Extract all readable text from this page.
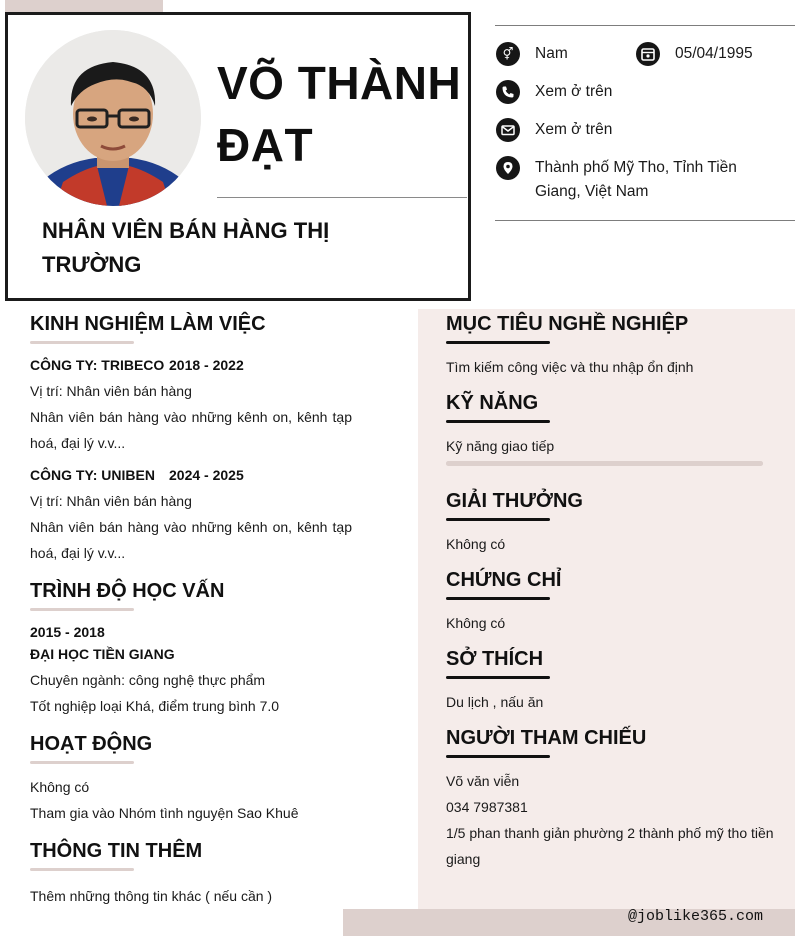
VÕ THÀNH
ĐẠT
NHÂN VIÊN BÁN HÀNG THỊ
TRƯỜNG
⚥	Nam	05/04/1995
Xem ở trên
Xem ở trên
Thành phố Mỹ Tho, Tỉnh Tiền
Giang, Việt Nam
KINH NGHIỆM LÀM VIỆC
CÔNG TY: TRIBECO 2018 - 2022
Vị trí: Nhân viên bán hàng
Nhân viên bán hàng vào những kênh on, kênh tạp
hoá, đại lý v.v...
CÔNG TY: UNIBEN 2024 - 2025
Vị trí: Nhân viên bán hàng
Nhân viên bán hàng vào những kênh on, kênh tạp
hoá, đại lý v.v...
TRÌNH ĐỘ HỌC VẤN
2015 - 2018
ĐẠI HỌC TIỀN GIANG
Chuyên ngành: công nghệ thực phẩm
Tốt nghiệp loại Khá, điểm trung bình 7.0
HOẠT ĐỘNG
Không có
Tham gia vào Nhóm tình nguyện Sao Khuê
THÔNG TIN THÊM
Thêm những thông tin khác ( nếu cần )
MỤC TIÊU NGHỀ NGHIỆP
Tìm kiếm công việc và thu nhập ổn định
KỸ NĂNG
Kỹ năng giao tiếp
GIẢI THƯỞNG
Không có
CHỨNG CHỈ
Không có
SỞ THÍCH
Du lịch , nấu ăn
NGƯỜI THAM CHIẾU
Võ văn viễn
034 7987381
1/5 phan thanh giản phường 2 thành phố mỹ tho tiền
giang
@joblike365.com
